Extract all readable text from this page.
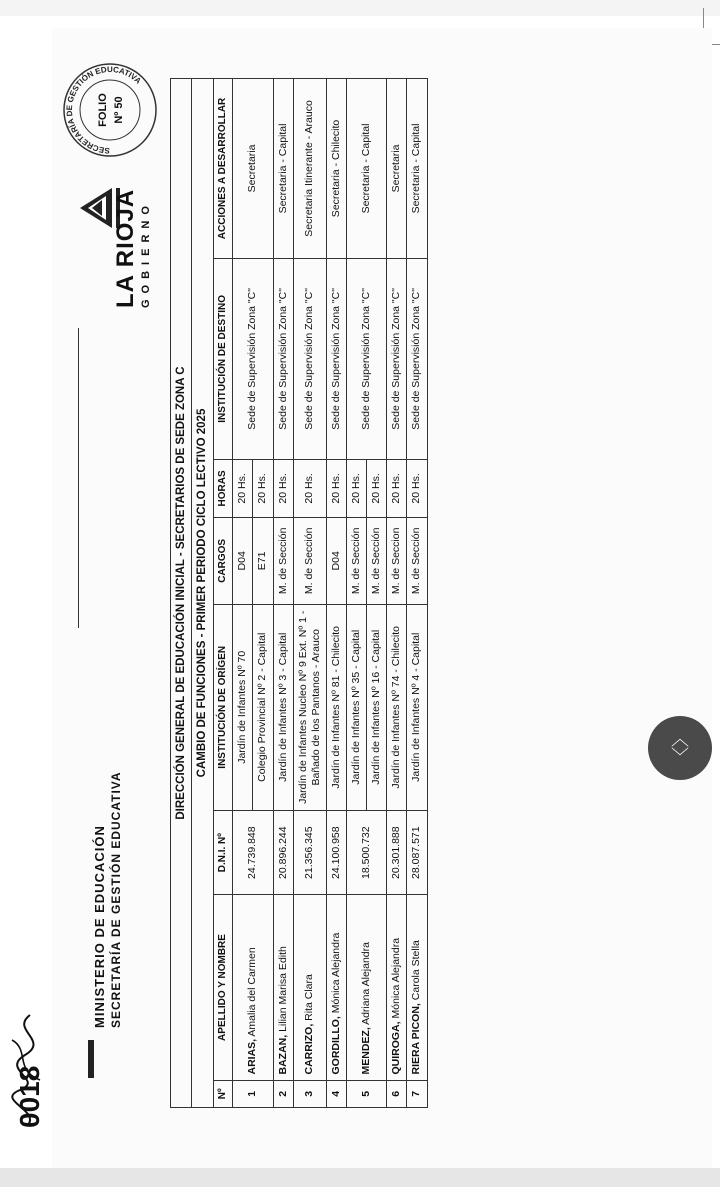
MINISTERIO DE EDUCACIÓN SECRETARÍA DE GESTIÓN EDUCATIVA
LA RIOJA GOBIERNO
SECRETARÍA DE GESTIÓN EDUCATIVA
FOLIO Nº 50
DIRECCIÓN GENERAL DE EDUCACIÓN INICIAL - SECRETARIOS DE SEDE ZONA C							
CAMBIO DE FUNCIONES - PRIMER PERIODO CICLO LECTIVO 2025							
Nº	APELLIDO Y NOMBRE	D.N.I. Nº	INSTITUCIÓN DE ORÍGEN	CARGOS	HORAS	INSTITUCIÓN DE DESTINO	ACCIONES A DESARROLLAR
1	ARIAS, Amalia del Carmen	24.739.848	Jardín de Infantes Nº 70	D04	20 Hs.	Sede de Supervisión Zona "C"	Secretaria
			Colegio Provincial Nº 2 - Capital	E71	20 Hs.		
2	BAZAN, Lilian Marisa Edith	20.896.244	Jardín de Infantes Nº 3 - Capital	M. de Sección	20 Hs.	Sede de Supervisión Zona "C"	Secretaria - Capital
3	CARRIZO, Rita Clara	21.356.345	Jardín de Infantes Nucleo Nº 9 Ext. Nº 1 - Bañado de los Pantanos - Arauco	M. de Sección	20 Hs.	Sede de Supervisión Zona "C"	Secretaria Itinerante - Arauco
4	GORDILLO, Mónica Alejandra	24.100.958	Jardín de Infantes Nº 81 - Chilecito	D04	20 Hs.	Sede de Supervisión Zona "C"	Secretaria - Chilecito
5	MENDEZ, Adriana Alejandra	18.500.732	Jardín de Infantes Nº 35 - Capital	M. de Sección	20 Hs.	Sede de Supervisión Zona "C"	Secretaria - Capital
			Jardín de Infantes Nº 16 - Capital	M. de Sección	20 Hs.		
6	QUIROGA, Mónica Alejandra	20.301.888	Jardín de Infantes Nº 74 - Chilecito	M. de Seccion	20 Hs.	Sede de Supervisión Zona "C"	Secretaria
7	RIERA PICON, Carola Stella	28.087.571	Jardín de Infantes Nº 4 - Capital	M. de Sección	20 Hs.	Sede de Supervisión Zona "C"	Secretaria - Capital
0018
︿
﹀
